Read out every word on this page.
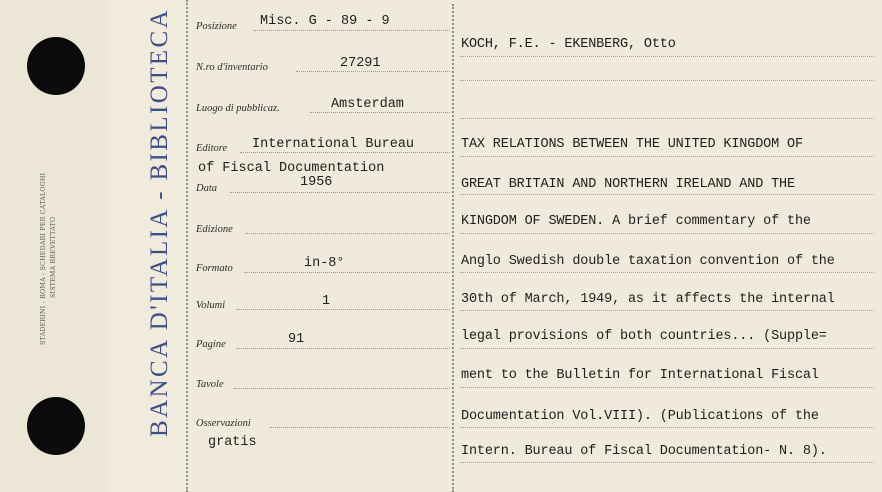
STADERINI - ROMA - SCHEDARI PER CATALOGHI SISTEMA BREVETTATO	BANCA D'ITALIA - BIBLIOTECA Posizione Misc. G - 89 - 9
N.ro d'inventario	27291
Luogo di pubblicaz.	Amsterdam
Editore International Bureau
of Fiscal Documentation
Data	1956
Edizione
Formato	in-8°
Volumi	1
Pagine	91
Tavole
Osservazioni
gratis
KOCH, F.E. - EKENBERG, Otto
TAX RELATIONS BETWEEN THE UNITED KINGDOM OF
GREAT BRITAIN AND NORTHERN IRELAND AND THE
KINGDOM OF SWEDEN. A brief commentary of the
Anglo Swedish double taxation convention of the
30th of March, 1949, as it affects the internal
legal provisions of both countries... (Supple=
ment to the Bulletin for International Fiscal
Documentation Vol.VIII). (Publications of the
Intern. Bureau of Fiscal Documentation- N. 8).
